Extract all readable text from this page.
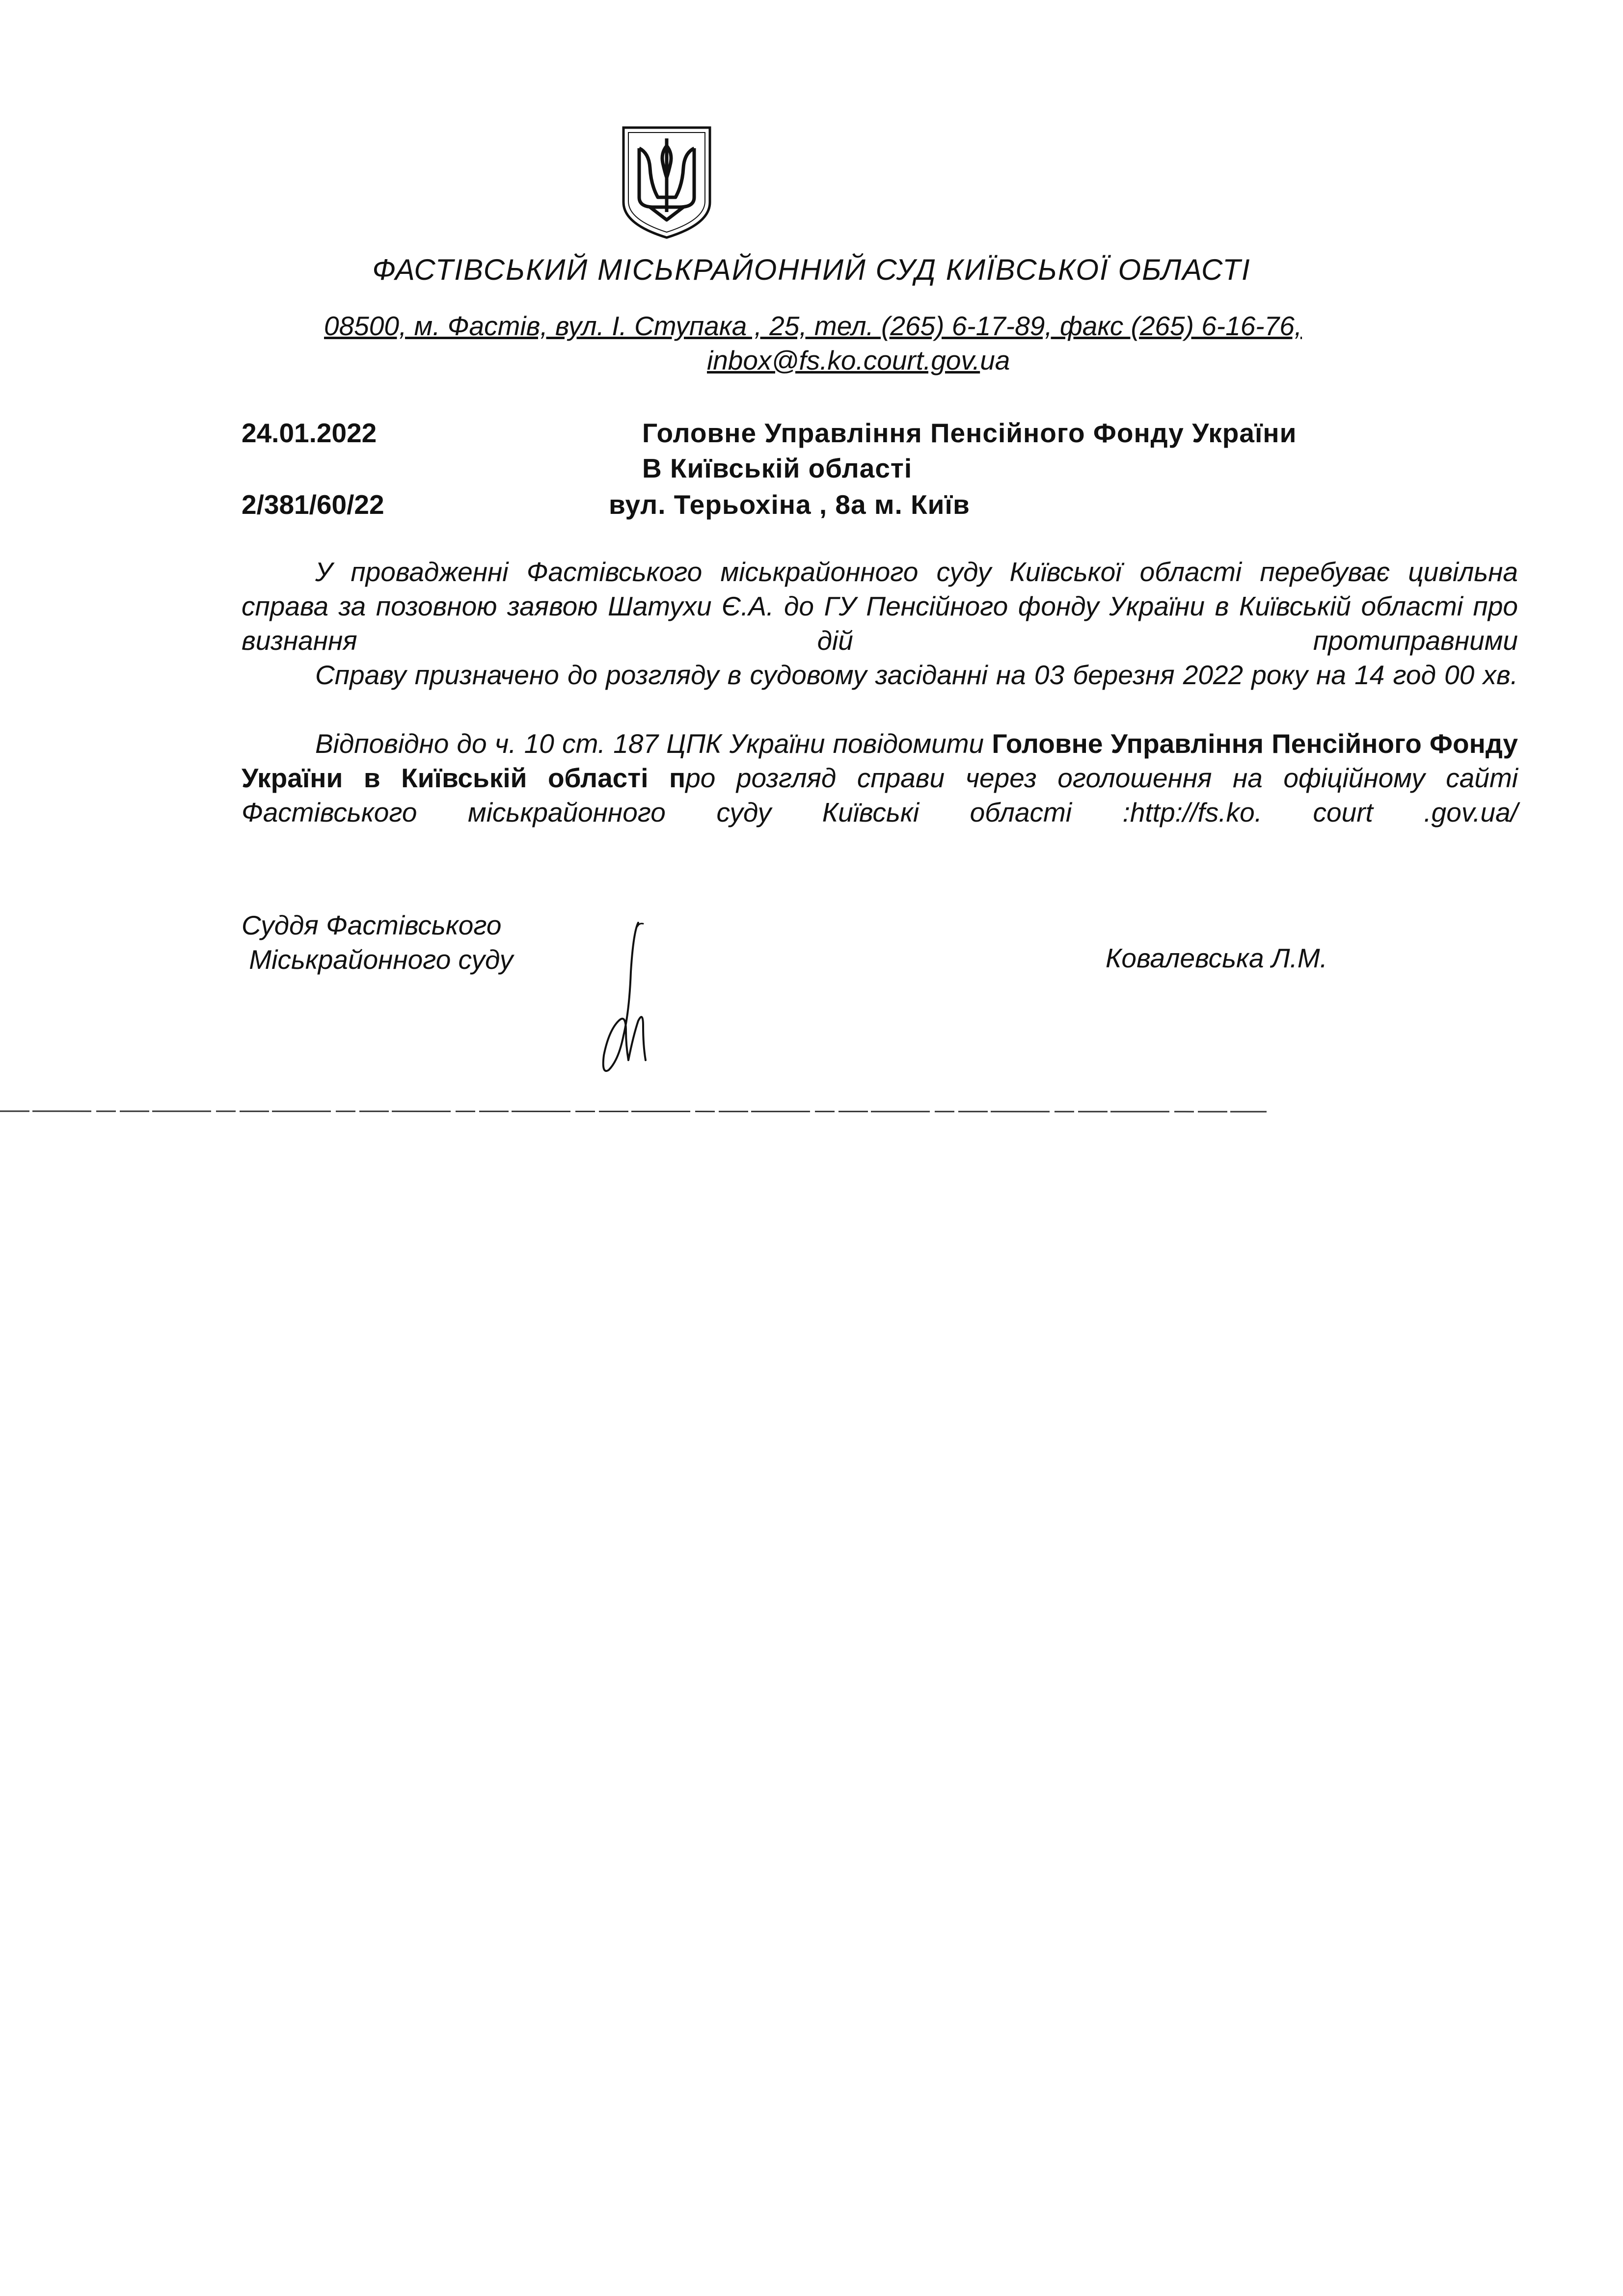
ФАСТІВСЬКИЙ МІСЬКРАЙОННИЙ СУД КИЇВСЬКОЇ ОБЛАСТІ
08500, м. Фастів, вул. І. Ступака , 25, тел. (265) 6-17-89, факс (265) 6-16-76,
inbox@fs.ko.court.gov.ua
24.01.2022
2/381/60/22
Головне Управління Пенсійного Фонду України
В Київській області
вул. Терьохіна , 8а м. Київ
У провадженні Фастівського міськрайонного суду Київської області перебуває цивільна справа за позовною заявою Шатухи Є.А. до ГУ Пенсійного фонду України в Київській області про визнання дій протиправними
Справу призначено до розгляду в судовому засіданні на 03 березня 2022 року на 14 год 00 хв.
Відповідно до ч. 10 ст. 187 ЦПК України повідомити Головне Управління Пенсійного Фонду України в Київській області про розгляд справи через оголошення на офіційному сайті Фастівського міськрайонного суду Київські області :http://fs.ko. court .gov.ua/
Суддя Фастівського
Міськрайонного суду	Ковалевська Л.М.
